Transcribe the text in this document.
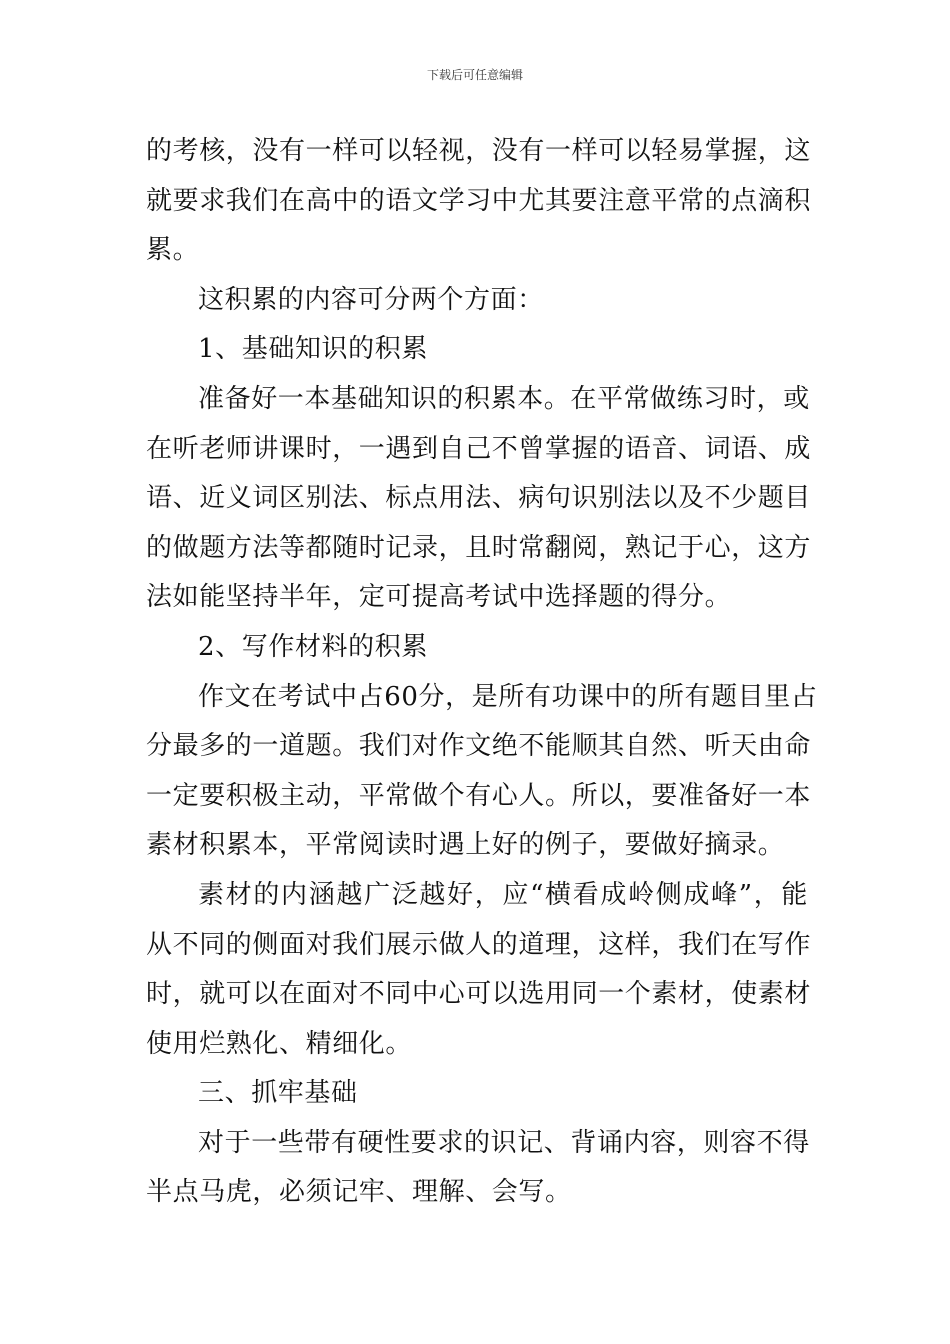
下载后可任意编辑
的考核，没有一样可以轻视，没有一样可以轻易掌握，这
就要求我们在高中的语文学习中尤其要注意平常的点滴积
累。
这积累的内容可分两个方面：
1、基础知识的积累
准备好一本基础知识的积累本。在平常做练习时，或
在听老师讲课时，一遇到自己不曾掌握的语音、词语、成
语、近义词区别法、标点用法、病句识别法以及不少题目
的做题方法等都随时记录，且时常翻阅，熟记于心，这方
法如能坚持半年，定可提高考试中选择题的得分。
2、写作材料的积累
作文在考试中占60分，是所有功课中的所有题目里占
分最多的一道题。我们对作文绝不能顺其自然、听天由命
一定要积极主动，平常做个有心人。所以，要准备好一本
素材积累本，平常阅读时遇上好的例子，要做好摘录。
素材的内涵越广泛越好，应“横看成岭侧成峰”，能
从不同的侧面对我们展示做人的道理，这样，我们在写作
时，就可以在面对不同中心可以选用同一个素材，使素材
使用烂熟化、精细化。
三、抓牢基础
对于一些带有硬性要求的识记、背诵内容，则容不得
半点马虎，必须记牢、理解、会写。
